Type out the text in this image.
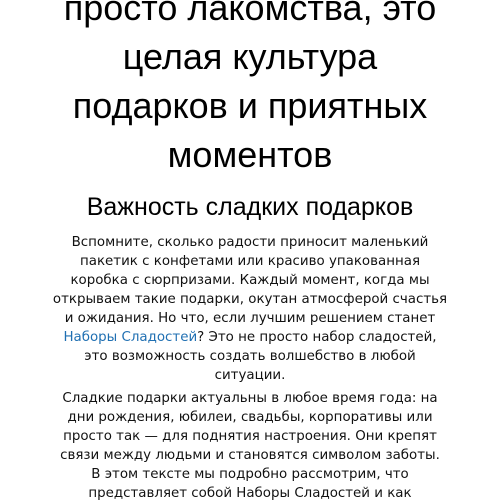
просто лакомства, это
целая культура
подарков и приятных
моментов
Важность сладких подарков

Вспомните, сколько радости приносит маленький
пакетик с конфетами или красиво упакованная
коробка с сюрпризами. Каждый момент, когда мы
открываем такие подарки, окутан атмосферой счастья
и ожидания. Но что, если лучшим решением станет
Наборы Сладостей? Это не просто набор сладостей,
это возможность создать волшебство в любой
ситуации.

Сладкие подарки актуальны в любое время года: на
дни рождения, юбилеи, свадьбы, корпоративы или
просто так — для поднятия настроения. Они крепят
связи между людьми и становятся символом заботы.
В этом тексте мы подробно рассмотрим, что
представляет собой Наборы Сладостей и как
